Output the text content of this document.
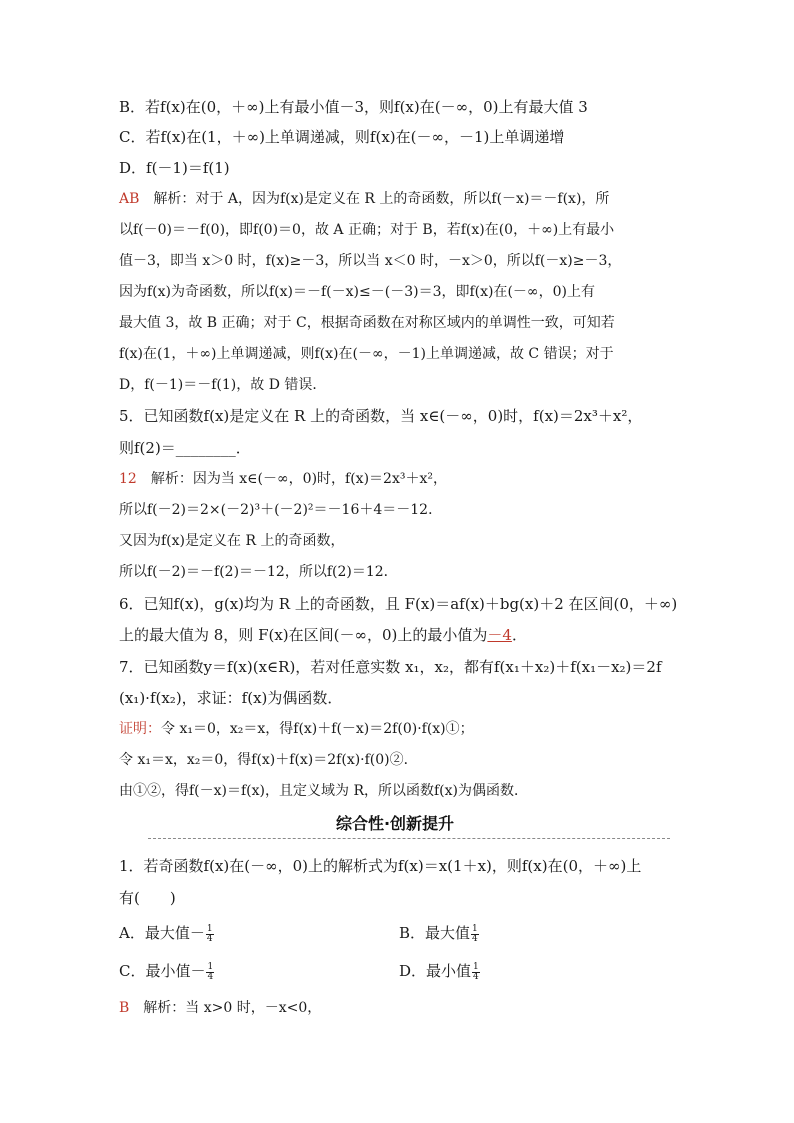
B．若f(x)在(0，＋∞)上有最小值－3，则f(x)在(－∞，0)上有最大值 3
C．若f(x)在(1，＋∞)上单调递减，则f(x)在(－∞，－1)上单调递增
D．f(－1)＝f(1)
AB　解析：对于 A，因为f(x)是定义在 R 上的奇函数，所以f(－x)＝－f(x)，所
以f(－0)＝－f(0)，即f(0)＝0，故 A 正确；对于 B，若f(x)在(0，＋∞)上有最小
值－3，即当 x＞0 时，f(x)≥－3，所以当 x＜0 时，－x＞0，所以f(－x)≥－3，
因为f(x)为奇函数，所以f(x)＝－f(－x)≤－(－3)＝3，即f(x)在(－∞，0)上有
最大值 3，故 B 正确；对于 C，根据奇函数在对称区域内的单调性一致，可知若
f(x)在(1，＋∞)上单调递减，则f(x)在(－∞，－1)上单调递减，故 C 错误；对于
D，f(－1)＝－f(1)，故 D 错误．
5．已知函数f(x)是定义在 R 上的奇函数，当 x∈(－∞，0)时，f(x)＝2x³＋x²，
则f(2)＝________．
12　解析：因为当 x∈(－∞，0)时，f(x)＝2x³＋x²，
所以f(－2)＝2×(－2)³＋(－2)²＝－16＋4＝－12．
又因为f(x)是定义在 R 上的奇函数，
所以f(－2)＝－f(2)＝－12，所以f(2)＝12．
6．已知f(x)，g(x)均为 R 上的奇函数，且 F(x)＝af(x)＋bg(x)＋2 在区间(0，＋∞)
上的最大值为 8，则 F(x)在区间(－∞，0)上的最小值为－4．
7．已知函数y＝f(x)(x∈R)，若对任意实数 x₁，x₂，都有f(x₁＋x₂)＋f(x₁－x₂)＝2f
(x₁)·f(x₂)，求证：f(x)为偶函数．
证明：令 x₁＝0，x₂＝x，得f(x)＋f(－x)＝2f(0)·f(x)①；
令 x₁＝x，x₂＝0，得f(x)＋f(x)＝2f(x)·f(0)②．
由①②，得f(－x)＝f(x)，且定义域为 R，所以函数f(x)为偶函数．
综合性·创新提升
1．若奇函数f(x)在(－∞，0)上的解析式为f(x)＝x(1＋x)，则f(x)在(0，＋∞)上
有(　　)
A．最大值－ $\frac{1}{4}$	B．最大值 $\frac{1}{4}$
C．最小值－ $\frac{1}{4}$	D．最小值 $\frac{1}{4}$
B　解析：当 x>0 时，－x<0，
